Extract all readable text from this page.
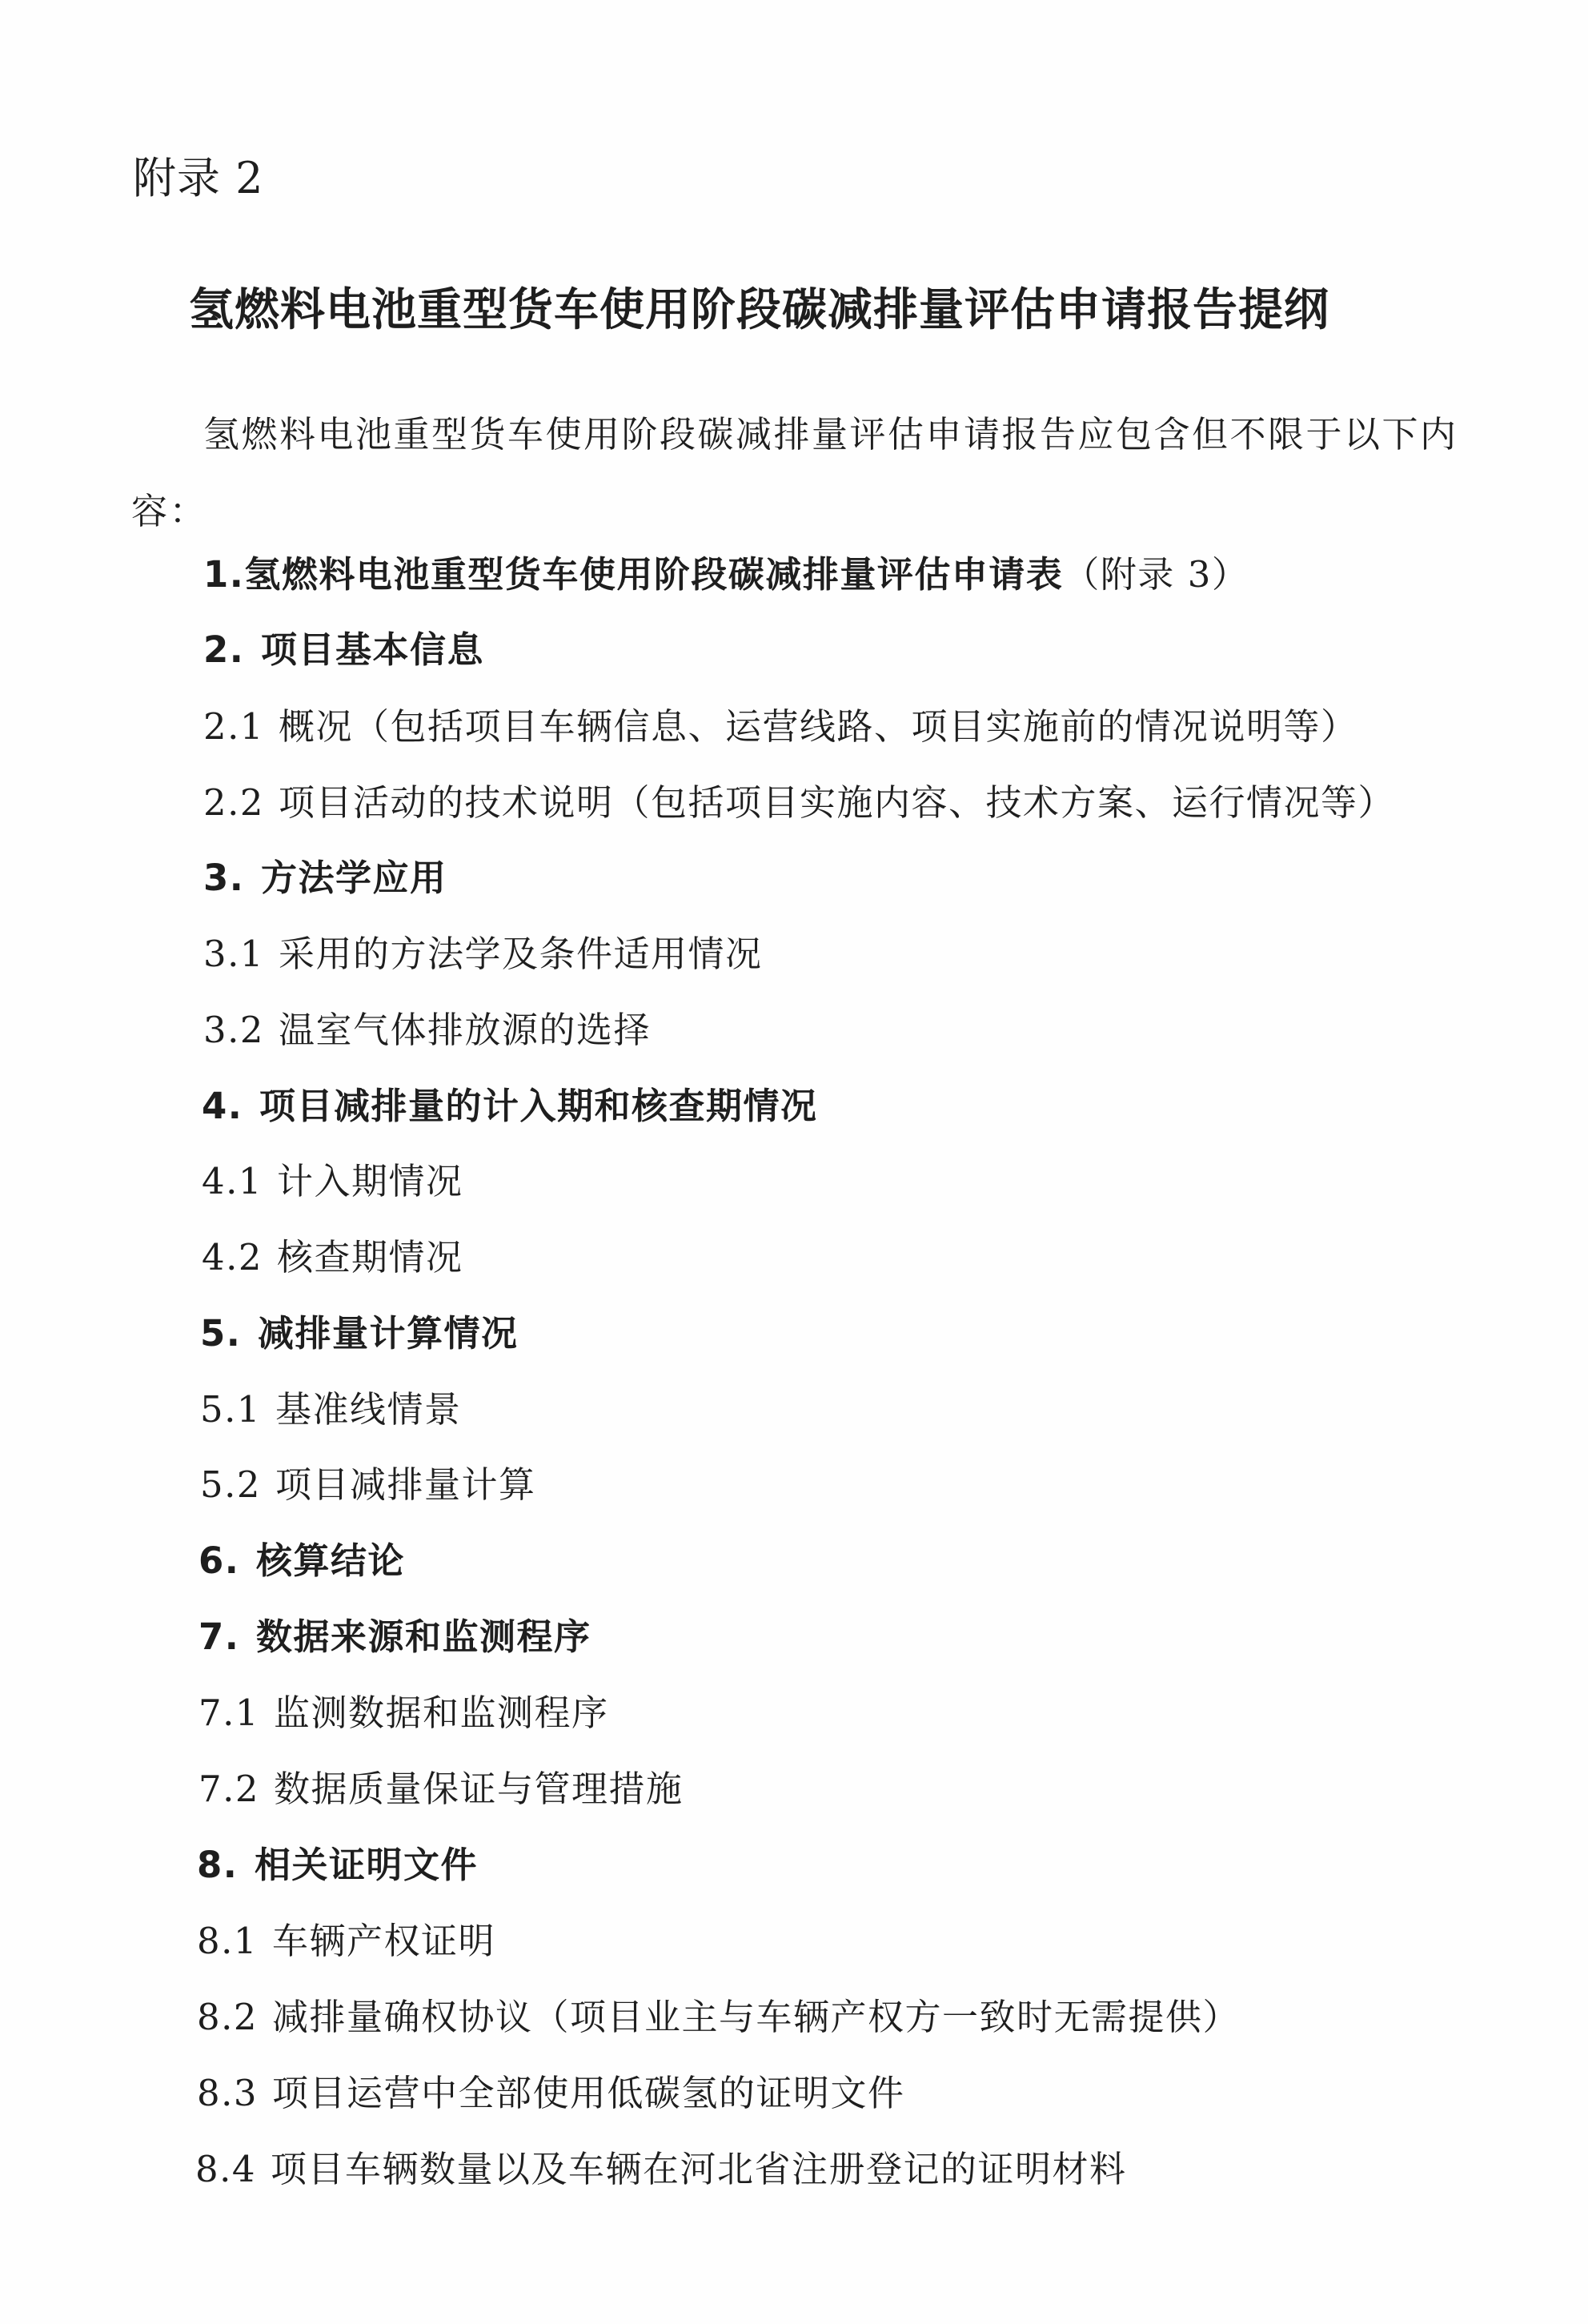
附录 2
氢燃料电池重型货车使用阶段碳减排量评估申请报告提纲
氢燃料电池重型货车使用阶段碳减排量评估申请报告应包含但不限于以下内容：
1.氢燃料电池重型货车使用阶段碳减排量评估申请表（附录 3）
2. 项目基本信息
2.1 概况（包括项目车辆信息、运营线路、项目实施前的情况说明等）
2.2 项目活动的技术说明（包括项目实施内容、技术方案、运行情况等）
3. 方法学应用
3.1 采用的方法学及条件适用情况
3.2 温室气体排放源的选择
4. 项目减排量的计入期和核查期情况
4.1 计入期情况
4.2 核查期情况
5. 减排量计算情况
5.1 基准线情景
5.2 项目减排量计算
6. 核算结论
7. 数据来源和监测程序
7.1 监测数据和监测程序
7.2 数据质量保证与管理措施
8. 相关证明文件
8.1 车辆产权证明
8.2 减排量确权协议（项目业主与车辆产权方一致时无需提供）
8.3 项目运营中全部使用低碳氢的证明文件
8.4 项目车辆数量以及车辆在河北省注册登记的证明材料
